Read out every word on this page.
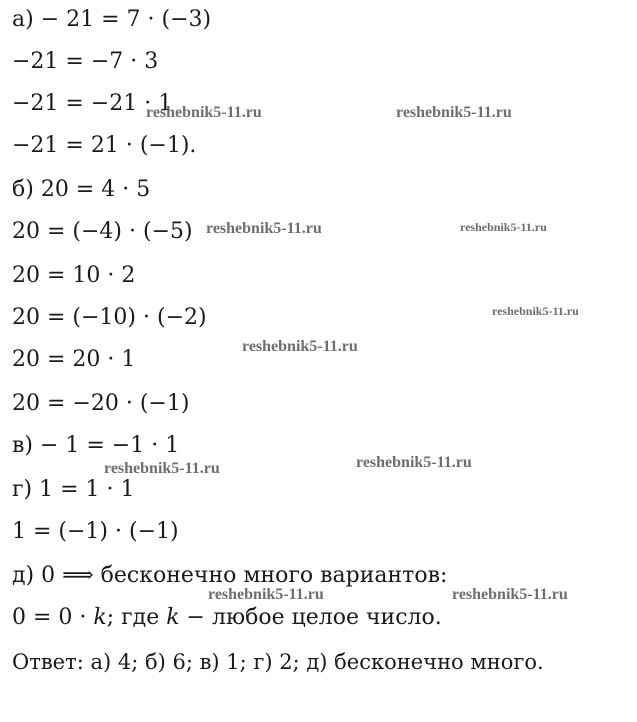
а) − 21 = 7 · (−3)
−21 = −7 · 3
−21 = −21 · 1
−21 = 21 · (−1).
б) 20 = 4 · 5
20 = (−4) · (−5)
20 = 10 · 2
20 = (−10) · (−2)
20 = 20 · 1
20 = −20 · (−1)
в) − 1 = −1 · 1
г) 1 = 1 · 1
1 = (−1) · (−1)
д) 0 ⟹ бесконечно много вариантов:
0 = 0 · 𝑘; где 𝑘 − любое целое число.
Ответ: а) 4; б) 6; в) 1; г) 2; д) бесконечно много.
reshebnik5-11.ru	reshebnik5-11.ru
reshebnik5-11.ru	reshebnik5-11.ru
reshebnik5-11.ru
reshebnik5-11.ru
reshebnik5-11.ru	reshebnik5-11.ru
reshebnik5-11.ru	reshebnik5-11.ru
